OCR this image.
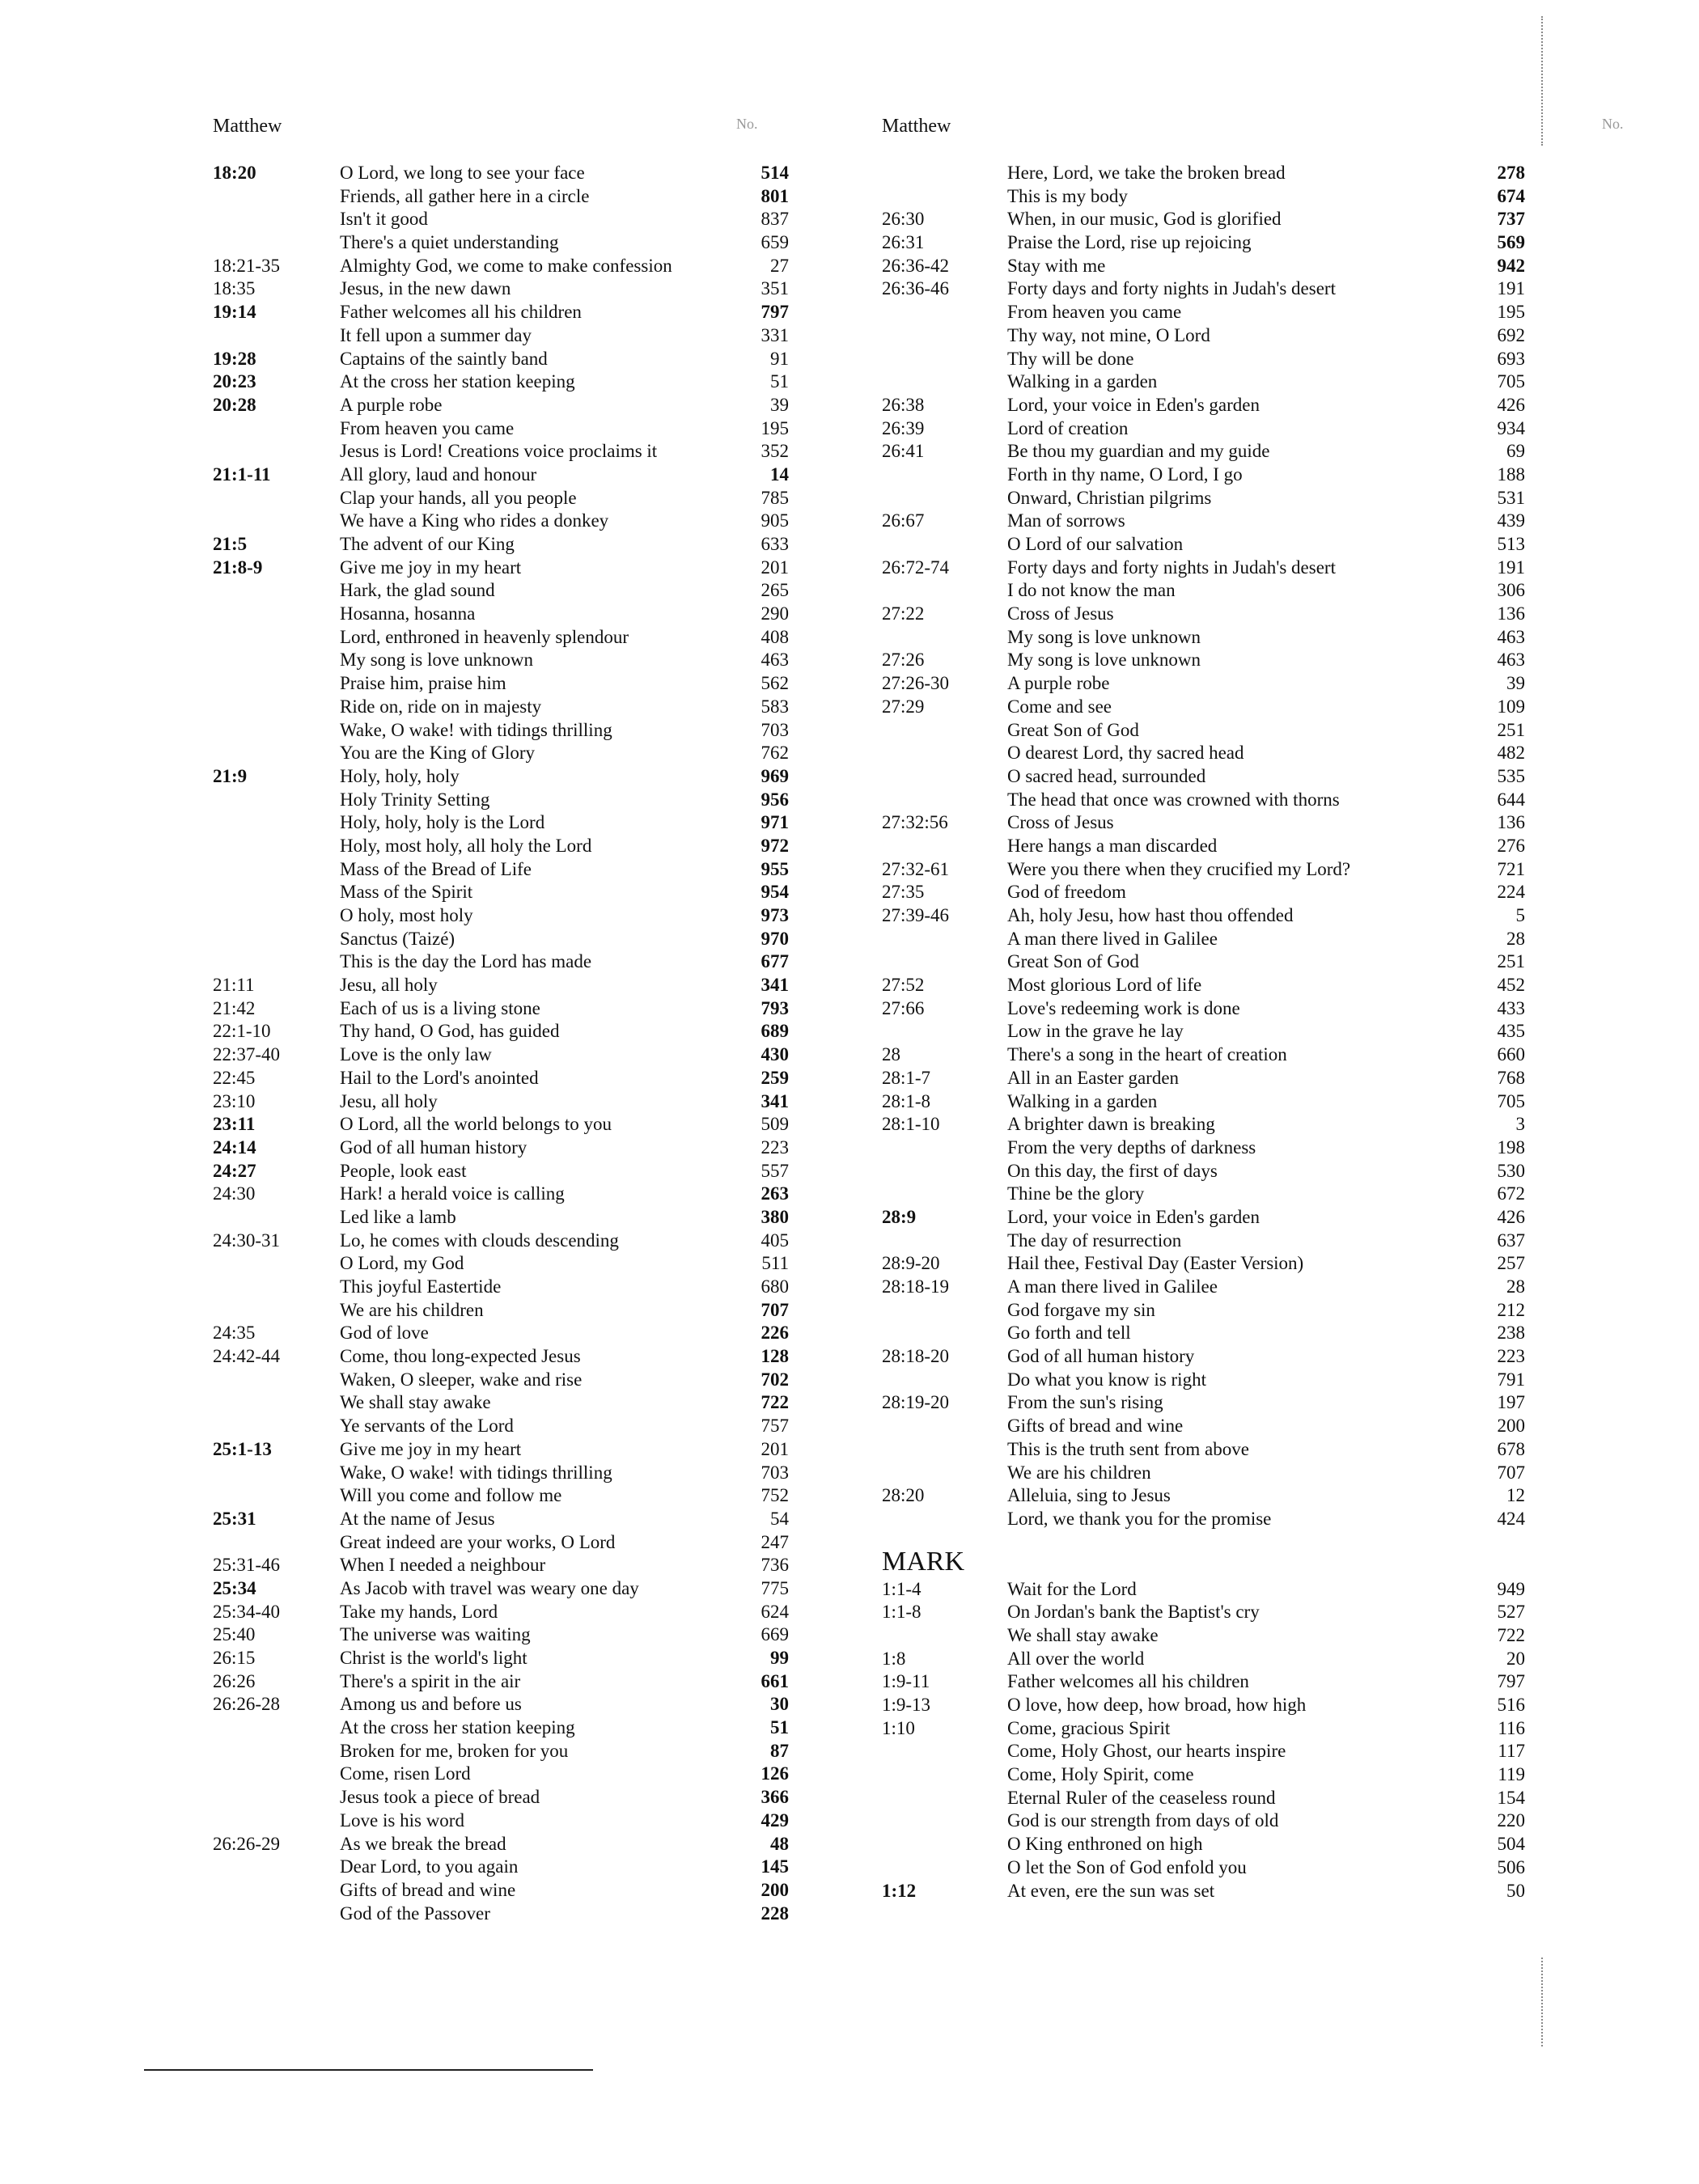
Matthew	No.
18:20	O Lord, we long to see your face	514
Friends, all gather here in a circle	801
Isn't it good	837
There's a quiet understanding	659
18:21-35	Almighty God, we come to make confession	27
18:35	Jesus, in the new dawn	351
19:14	Father welcomes all his children	797
It fell upon a summer day	331
19:28	Captains of the saintly band	91
20:23	At the cross her station keeping	51
20:28	A purple robe	39
From heaven you came	195
Jesus is Lord! Creations voice proclaims it	352
21:1-11	All glory, laud and honour	14
Clap your hands, all you people	785
We have a King who rides a donkey	905
21:5	The advent of our King	633
21:8-9	Give me joy in my heart	201
Hark, the glad sound	265
Hosanna, hosanna	290
Lord, enthroned in heavenly splendour	408
My song is love unknown	463
Praise him, praise him	562
Ride on, ride on in majesty	583
Wake, O wake! with tidings thrilling	703
You are the King of Glory	762
21:9	Holy, holy, holy	969
Holy Trinity Setting	956
Holy, holy, holy is the Lord	971
Holy, most holy, all holy the Lord	972
Mass of the Bread of Life	955
Mass of the Spirit	954
O holy, most holy	973
Sanctus (Taizé)	970
This is the day the Lord has made	677
21:11	Jesu, all holy	341
21:42	Each of us is a living stone	793
22:1-10	Thy hand, O God, has guided	689
22:37-40	Love is the only law	430
22:45	Hail to the Lord's anointed	259
23:10	Jesu, all holy	341
23:11	O Lord, all the world belongs to you	509
24:14	God of all human history	223
24:27	People, look east	557
24:30	Hark! a herald voice is calling	263
Led like a lamb	380
24:30-31	Lo, he comes with clouds descending	405
O Lord, my God	511
This joyful Eastertide	680
We are his children	707
24:35	God of love	226
24:42-44	Come, thou long-expected Jesus	128
Waken, O sleeper, wake and rise	702
We shall stay awake	722
Ye servants of the Lord	757
25:1-13	Give me joy in my heart	201
Wake, O wake! with tidings thrilling	703
Will you come and follow me	752
25:31	At the name of Jesus	54
Great indeed are your works, O Lord	247
25:31-46	When I needed a neighbour	736
25:34	As Jacob with travel was weary one day	775
25:34-40	Take my hands, Lord	624
25:40	The universe was waiting	669
26:15	Christ is the world's light	99
26:26	There's a spirit in the air	661
26:26-28	Among us and before us	30
At the cross her station keeping	51
Broken for me, broken for you	87
Come, risen Lord	126
Jesus took a piece of bread	366
Love is his word	429
26:26-29	As we break the bread	48
Dear Lord, to you again	145
Gifts of bread and wine	200
God of the Passover	228
Matthew	No.
Here, Lord, we take the broken bread	278
This is my body	674
26:30	When, in our music, God is glorified	737
26:31	Praise the Lord, rise up rejoicing	569
26:36-42	Stay with me	942
26:36-46	Forty days and forty nights in Judah's desert	191
From heaven you came	195
Thy way, not mine, O Lord	692
Thy will be done	693
Walking in a garden	705
26:38	Lord, your voice in Eden's garden	426
26:39	Lord of creation	934
26:41	Be thou my guardian and my guide	69
Forth in thy name, O Lord, I go	188
Onward, Christian pilgrims	531
26:67	Man of sorrows	439
O Lord of our salvation	513
26:72-74	Forty days and forty nights in Judah's desert	191
I do not know the man	306
27:22	Cross of Jesus	136
My song is love unknown	463
27:26	My song is love unknown	463
27:26-30	A purple robe	39
27:29	Come and see	109
Great Son of God	251
O dearest Lord, thy sacred head	482
O sacred head, surrounded	535
The head that once was crowned with thorns	644
27:32:56	Cross of Jesus	136
Here hangs a man discarded	276
27:32-61	Were you there when they crucified my Lord?	721
27:35	God of freedom	224
27:39-46	Ah, holy Jesu, how hast thou offended	5
A man there lived in Galilee	28
Great Son of God	251
27:52	Most glorious Lord of life	452
27:66	Love's redeeming work is done	433
Low in the grave he lay	435
28	There's a song in the heart of creation	660
28:1-7	All in an Easter garden	768
28:1-8	Walking in a garden	705
28:1-10	A brighter dawn is breaking	3
From the very depths of darkness	198
On this day, the first of days	530
Thine be the glory	672
28:9	Lord, your voice in Eden's garden	426
The day of resurrection	637
28:9-20	Hail thee, Festival Day (Easter Version)	257
28:18-19	A man there lived in Galilee	28
God forgave my sin	212
Go forth and tell	238
28:18-20	God of all human history	223
Do what you know is right	791
28:19-20	From the sun's rising	197
Gifts of bread and wine	200
This is the truth sent from above	678
We are his children	707
28:20	Alleluia, sing to Jesus	12
Lord, we thank you for the promise	424
MARK
1:1-4	Wait for the Lord	949
1:1-8	On Jordan's bank the Baptist's cry	527
We shall stay awake	722
1:8	All over the world	20
1:9-11	Father welcomes all his children	797
1:9-13	O love, how deep, how broad, how high	516
1:10	Come, gracious Spirit	116
Come, Holy Ghost, our hearts inspire	117
Come, Holy Spirit, come	119
Eternal Ruler of the ceaseless round	154
God is our strength from days of old	220
O King enthroned on high	504
O let the Son of God enfold you	506
1:12	At even, ere the sun was set	50
